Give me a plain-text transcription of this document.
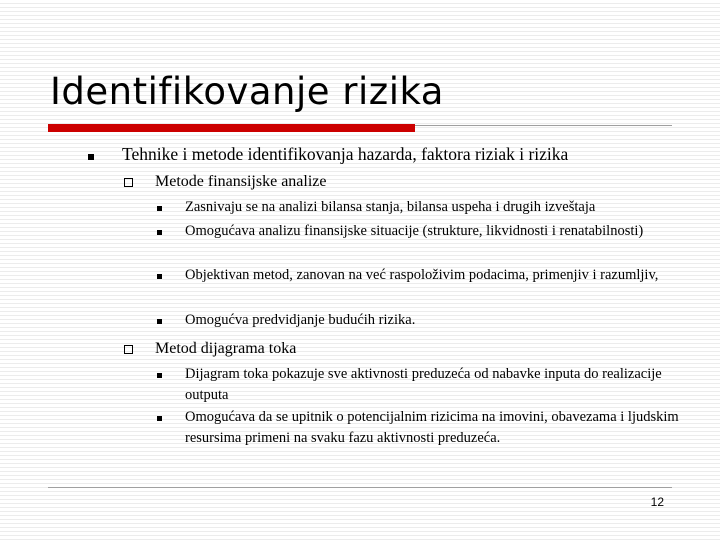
Identifikovanje rizika
Tehnike i metode identifikovanja hazarda, faktora riziak i rizika
Metode finansijske analize
Zasnivaju se na analizi bilansa stanja, bilansa uspeha i drugih izveštaja
Omogućava analizu finansijske situacije (strukture, likvidnosti i renatabilnosti)
Objektivan metod, zanovan na već raspoloživim podacima, primenjiv i razumljiv,
Omogućva predvidjanje budućih rizika.
Metod dijagrama toka
Dijagram toka pokazuje sve aktivnosti preduzeća od nabavke inputa do realizacije outputa
Omogućava da se upitnik o potencijalnim rizicima na imovini, obavezama i ljudskim resursima primeni na svaku fazu aktivnosti preduzeća.
12
